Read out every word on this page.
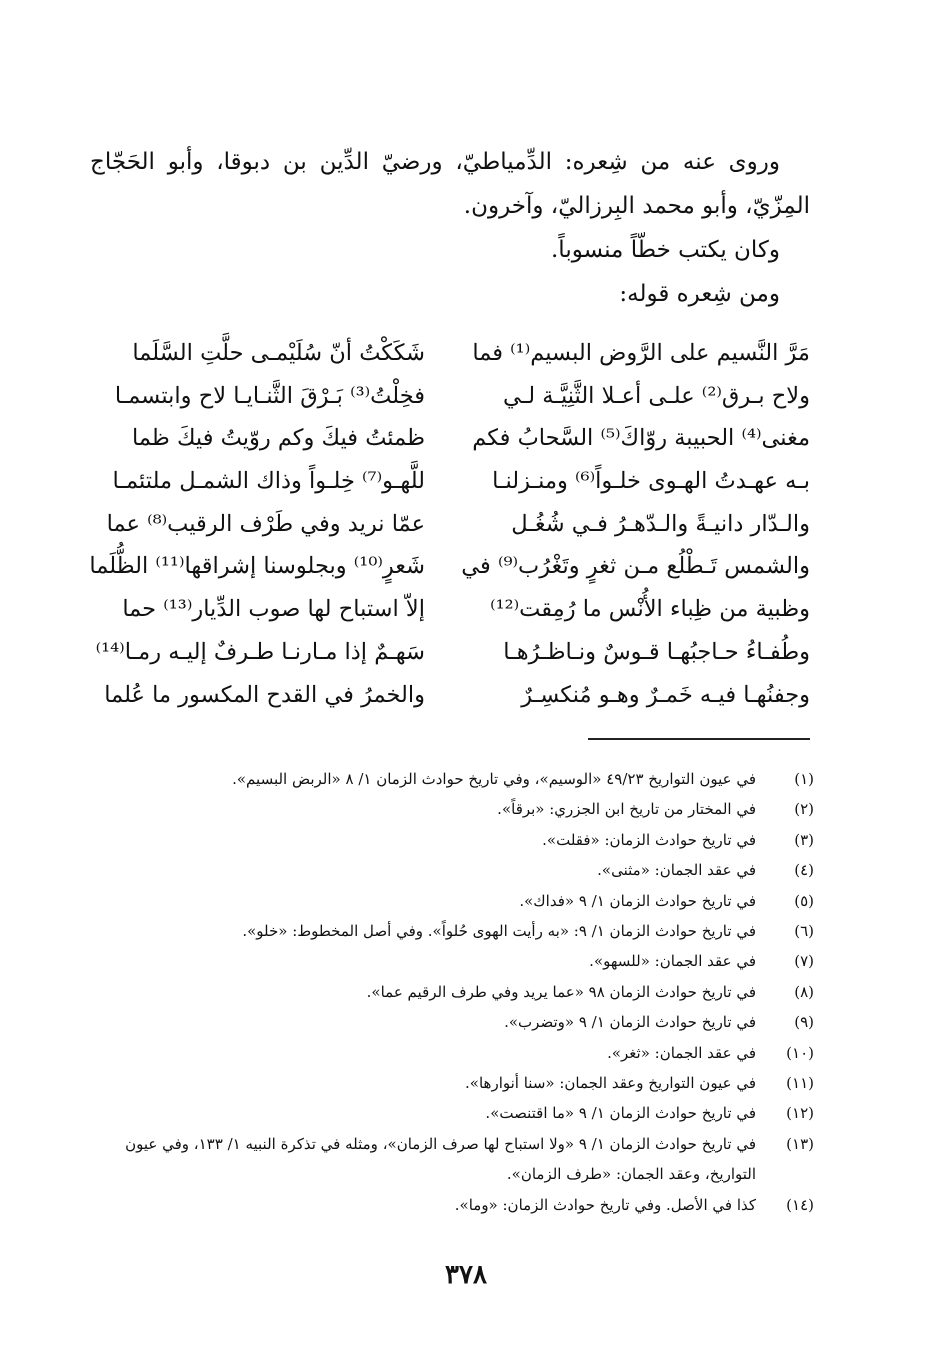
وروى عنه من شِعره: الدِّمياطيّ، ورضيّ الدِّين بن دبوقا، وأبو الحَجّاج المِزّيّ، وأبو محمد البِرزاليّ، وآخرون.

وكان يكتب خطّاً منسوباً.

ومن شِعره قوله:

مَرَّ النَّسيم على الرَّوض البسيم⁽¹⁾ فما
شَكَكْتُ أنّ سُلَيْمـى حلَّتِ السَّلَما
ولاح بـرق⁽²⁾ علـى أعـلا الثَّنِيَّـة لـي
فخِلْتُ⁽³⁾ بَـرْقَ الثَّنـايـا لاح وابتسمـا
مغنى⁽⁴⁾ الحبيبة روّاكَ⁽⁵⁾ السَّحابُ فكم
ظمئتُ فيكَ وكم روّيتُ فيكَ ظما
بـه عهـدتُ الهـوى خلـواً⁽⁶⁾ ومنـزلنـا
للَّهـو⁽⁷⁾ خِلـواً وذاك الشمـل ملتئمـا
والـدّار دانيـةً والـدّهـرُ فـي شُغُـل
عمّا نريد وفي طَرْف الرقيب⁽⁸⁾ عما
والشمس تَـطْلُع مـن ثغرٍ وتَغْرُب⁽⁹⁾ في
شَعرٍ⁽¹⁰⁾ وبجلوسنا إشراقها⁽¹¹⁾ الظُّلَما
وظبية من ظِباء الأُنْس ما رُمِقت⁽¹²⁾
إلاّ استباح لها صوب الدِّيار⁽¹³⁾ حما
وطُفـاءُ حـاجبُهـا قـوسٌ ونـاظـرُهـا
سَهـمٌ إذا مـارنـا طـرفٌ إليـه رمـا⁽¹⁴⁾
وجفنُهـا فيـه خَمـرٌ وهـو مُنكسِـرٌ
والخمرُ في القدح المكسور ما عُلما
(١)
في عيون التواريخ ٤٩/٢٣ «الوسيم»، وفي تاريخ حوادث الزمان ١/ ٨ «الربض البسيم».
(٢)
في المختار من تاريخ ابن الجزري: «برقاً».
(٣)
في تاريخ حوادث الزمان: «فقلت».
(٤)
في عقد الجمان: «مثنى».
(٥)
في تاريخ حوادث الزمان ١/ ٩ «فداك».
(٦)
في تاريخ حوادث الزمان ١/ ٩: «به رأيت الهوى حُلواً». وفي أصل المخطوط: «خلو».
(٧)
في عقد الجمان: «للسهو».
(٨)
في تاريخ حوادث الزمان ٩٨ «عما يريد وفي طرف الرقيم عما».
(٩)
في تاريخ حوادث الزمان ١/ ٩ «وتضرب».
(١٠)
في عقد الجمان: «ثغر».
(١١)
في عيون التواريخ وعقد الجمان: «سنا أنوارها».
(١٢)
في تاريخ حوادث الزمان ١/ ٩ «ما اقتنصت».
(١٣)
في تاريخ حوادث الزمان ١/ ٩ «ولا استباح لها صرف الزمان»، ومثله في تذكرة النبيه ١/ ١٣٣، وفي عيون التواريخ، وعقد الجمان: «طرف الزمان».
(١٤)
كذا في الأصل. وفي تاريخ حوادث الزمان: «وما».
٣٧٨
